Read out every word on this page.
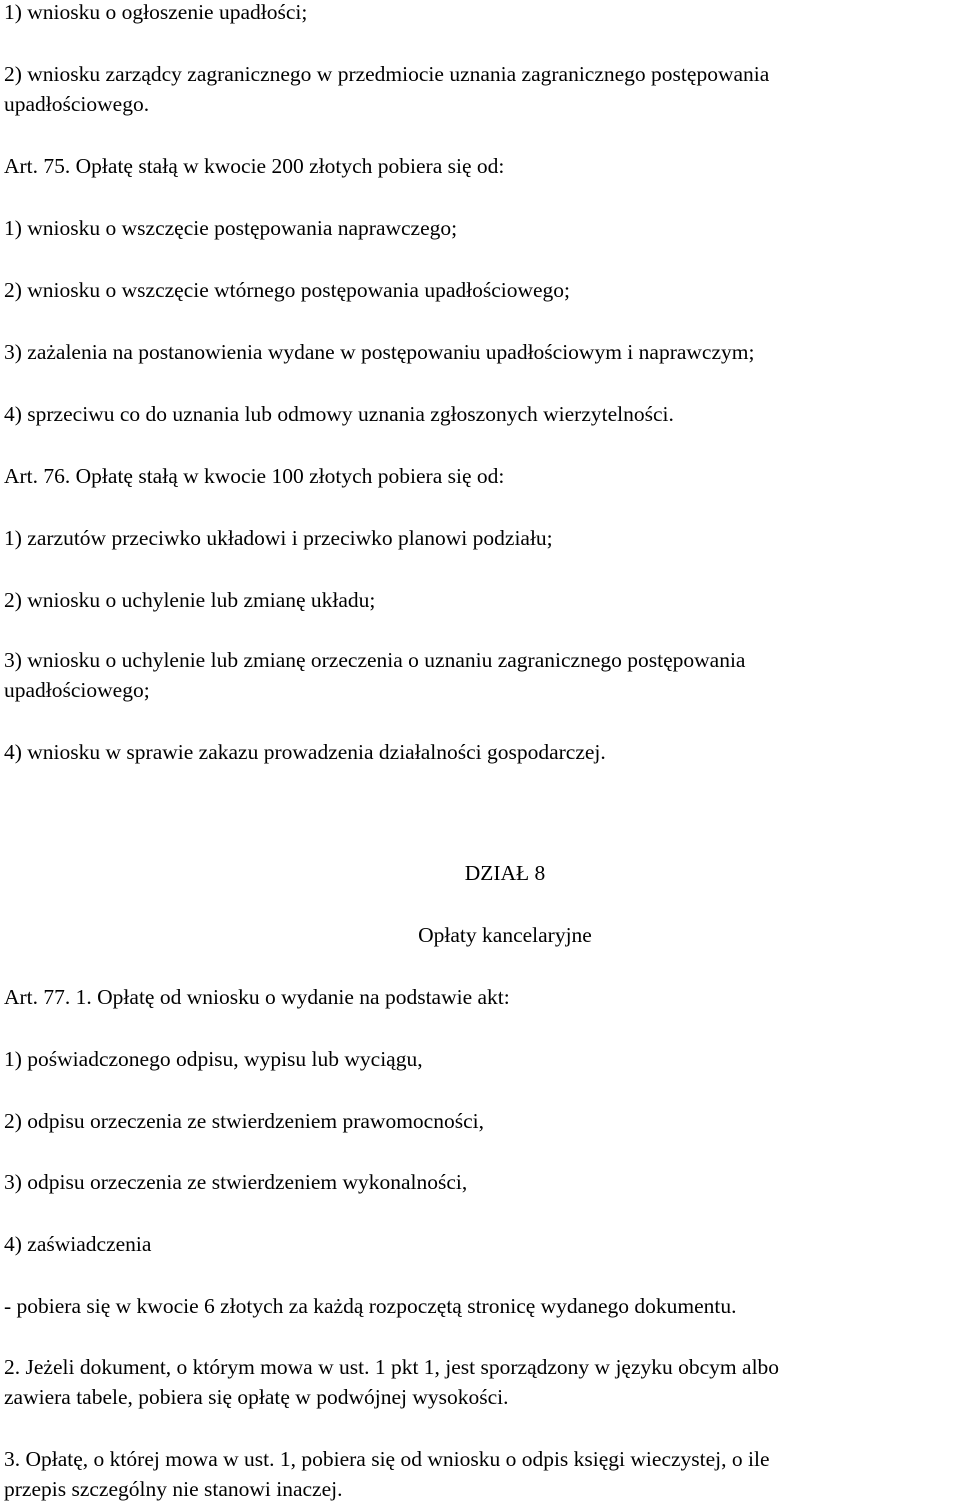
1) wniosku o ogłoszenie upadłości;

2) wniosku zarządcy zagranicznego w przedmiocie uznania zagranicznego postępowania

upadłościowego.

Art. 75. Opłatę stałą w kwocie 200 złotych pobiera się od:

1) wniosku o wszczęcie postępowania naprawczego;

2) wniosku o wszczęcie wtórnego postępowania upadłościowego;

3) zażalenia na postanowienia wydane w postępowaniu upadłościowym i naprawczym;

4) sprzeciwu co do uznania lub odmowy uznania zgłoszonych wierzytelności.

Art. 76. Opłatę stałą w kwocie 100 złotych pobiera się od:

1) zarzutów przeciwko układowi i przeciwko planowi podziału;

2) wniosku o uchylenie lub zmianę układu;

3) wniosku o uchylenie lub zmianę orzeczenia o uznaniu zagranicznego postępowania

upadłościowego;

4) wniosku w sprawie zakazu prowadzenia działalności gospodarczej.

DZIAŁ 8

Opłaty kancelaryjne

Art. 77. 1. Opłatę od wniosku o wydanie na podstawie akt:

1) poświadczonego odpisu, wypisu lub wyciągu,

2) odpisu orzeczenia ze stwierdzeniem prawomocności,

3) odpisu orzeczenia ze stwierdzeniem wykonalności,

4) zaświadczenia

- pobiera się w kwocie 6 złotych za każdą rozpoczętą stronicę wydanego dokumentu.

2. Jeżeli dokument, o którym mowa w ust. 1 pkt 1, jest sporządzony w języku obcym albo

zawiera tabele, pobiera się opłatę w podwójnej wysokości.

3. Opłatę, o której mowa w ust. 1, pobiera się od wniosku o odpis księgi wieczystej, o ile

przepis szczególny nie stanowi inaczej.
